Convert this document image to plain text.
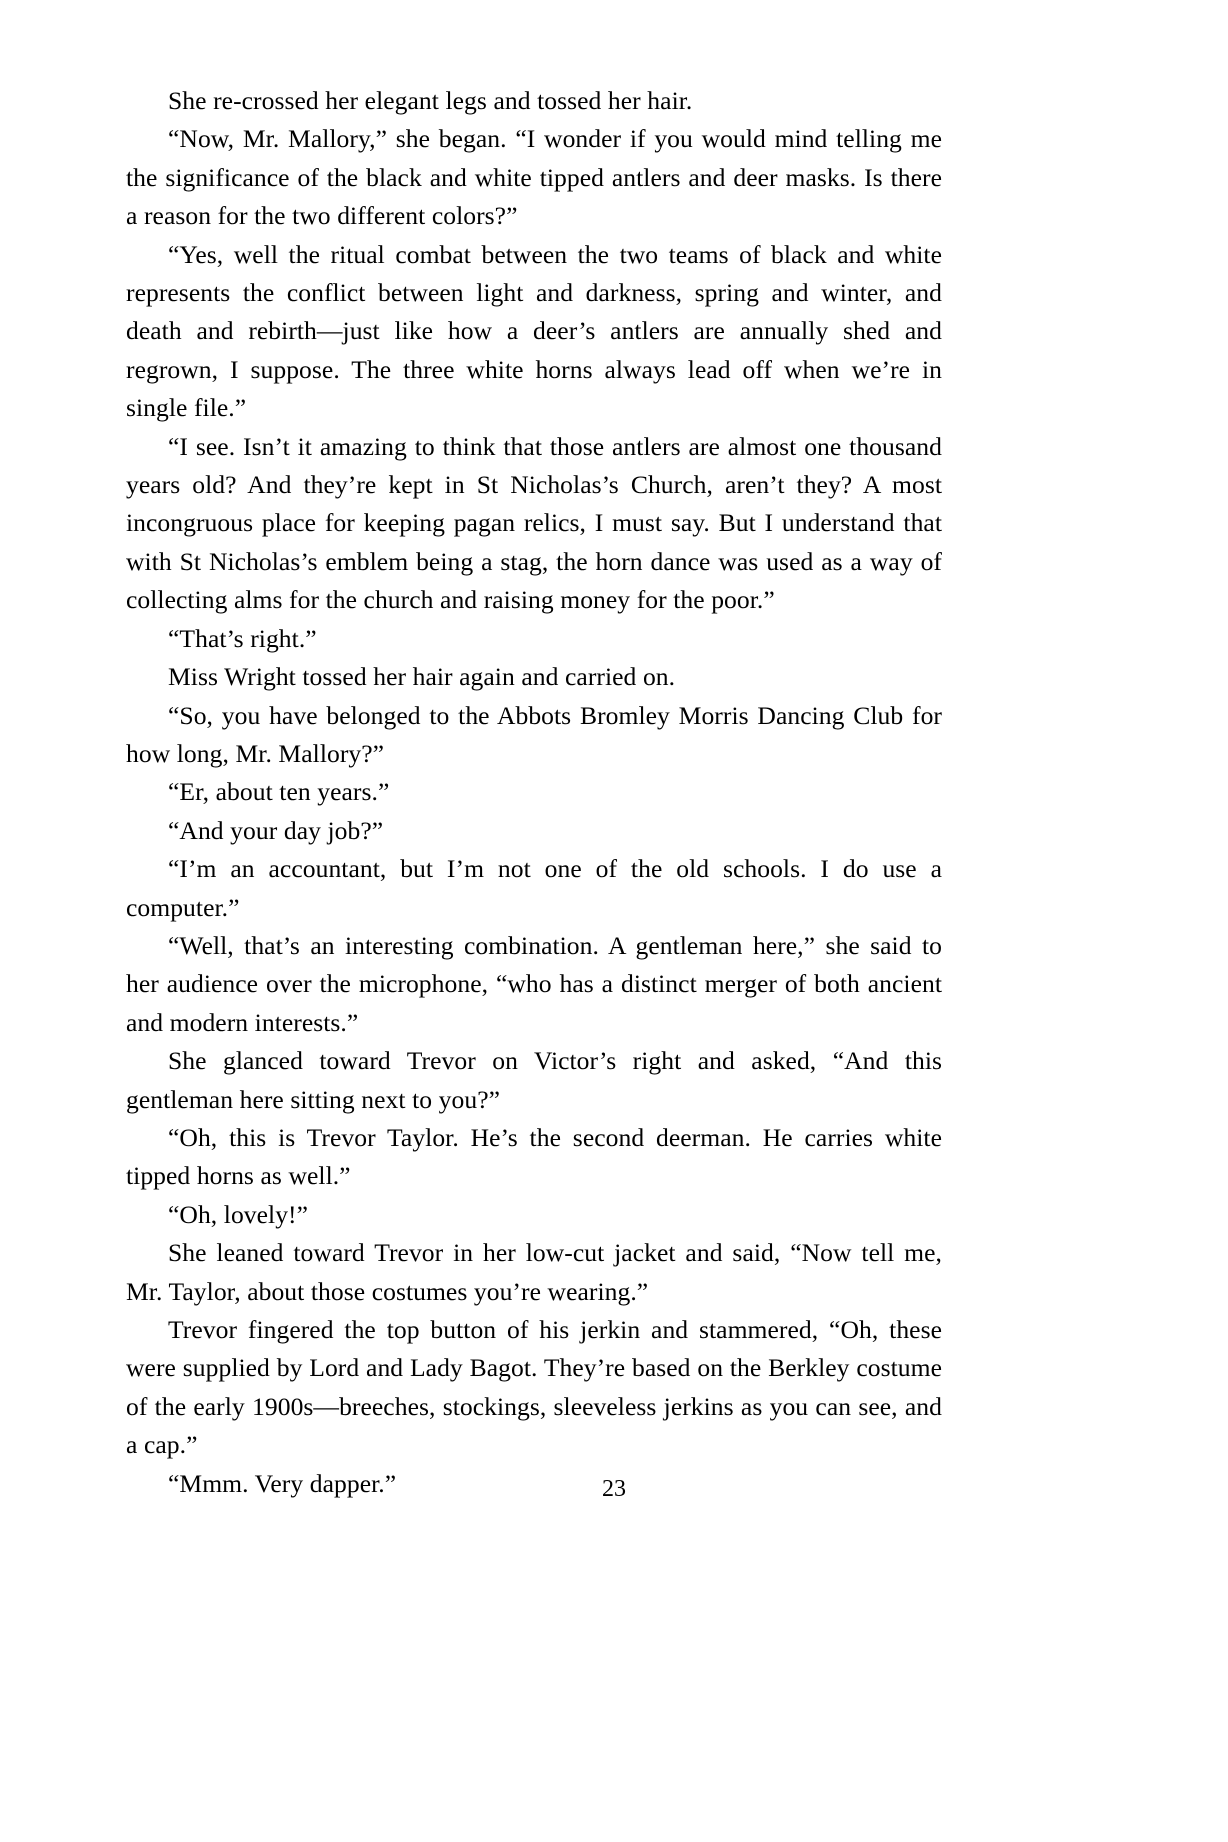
She re-crossed her elegant legs and tossed her hair.

“Now, Mr. Mallory,” she began. “I wonder if you would mind telling me the significance of the black and white tipped antlers and deer masks. Is there a reason for the two different colors?”

“Yes, well the ritual combat between the two teams of black and white represents the conflict between light and darkness, spring and winter, and death and rebirth—just like how a deer’s antlers are annually shed and regrown, I suppose. The three white horns always lead off when we’re in single file.”

“I see. Isn’t it amazing to think that those antlers are almost one thousand years old? And they’re kept in St Nicholas’s Church, aren’t they? A most incongruous place for keeping pagan relics, I must say. But I understand that with St Nicholas’s emblem being a stag, the horn dance was used as a way of collecting alms for the church and raising money for the poor.”

“That’s right.”

Miss Wright tossed her hair again and carried on.

“So, you have belonged to the Abbots Bromley Morris Dancing Club for how long, Mr. Mallory?”

“Er, about ten years.”

“And your day job?”

“I’m an accountant, but I’m not one of the old schools. I do use a computer.”

“Well, that’s an interesting combination. A gentleman here,” she said to her audience over the microphone, “who has a distinct merger of both ancient and modern interests.”

She glanced toward Trevor on Victor’s right and asked, “And this gentleman here sitting next to you?”

“Oh, this is Trevor Taylor. He’s the second deerman. He carries white tipped horns as well.”

“Oh, lovely!”

She leaned toward Trevor in her low-cut jacket and said, “Now tell me, Mr. Taylor, about those costumes you’re wearing.”

Trevor fingered the top button of his jerkin and stammered, “Oh, these were supplied by Lord and Lady Bagot. They’re based on the Berkley costume of the early 1900s—breeches, stockings, sleeveless jerkins as you can see, and a cap.”

“Mmm. Very dapper.”	23
